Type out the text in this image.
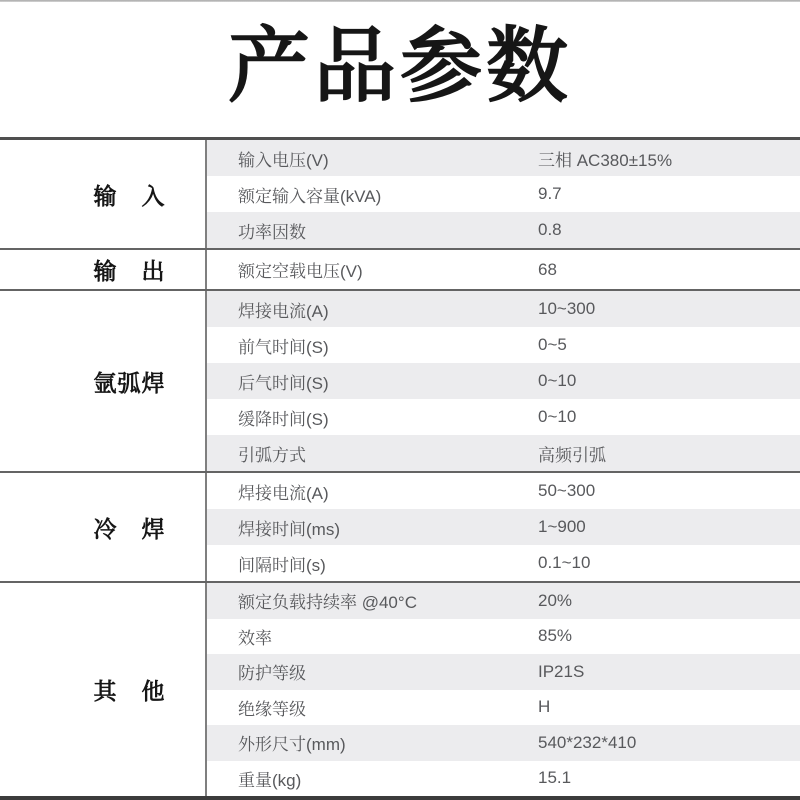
产品参数
输　入
输入电压(V)	三相 AC380±15%
额定输入容量(kVA)	9.7
功率因数	0.8
输　出	额定空载电压(V)	68
氩弧焊
焊接电流(A)	10~300
前气时间(S)	0~5
后气时间(S)	0~10
缓降时间(S)	0~10
引弧方式	高频引弧
冷　焊
焊接电流(A)	50~300
焊接时间(ms)	1~900
间隔时间(s)	0.1~10
其　他
额定负载持续率 @40°C	20%
效率	85%
防护等级	IP21S
绝缘等级	H
外形尺寸(mm)	540*232*410
重量(kg)	15.1
